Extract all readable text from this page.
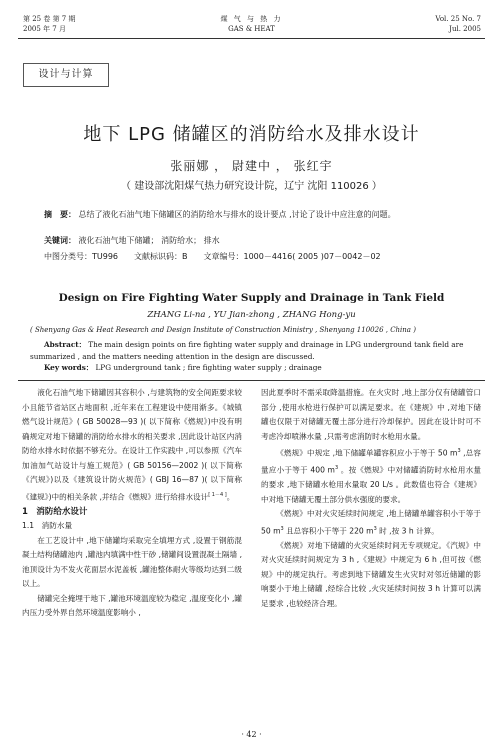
第 25 卷 第 7 期
2005 年 7 月
煤 气 与 热 力
GAS & HEAT
Vol. 25 No. 7
Jul. 2005
设计与计算
地下 LPG 储罐区的消防给水及排水设计
张丽娜 ， 尉建中 ， 张红宇
（ 建设部沈阳煤气热力研究设计院，辽宁 沈阳 110026 ）
摘　要： 总结了液化石油气地下储罐区的消防给水与排水的设计要点 ,讨论了设计中应注意的问题。
关键词： 液化石油气地下储罐； 消防给水； 排水
中图分类号：TU996　　文献标识码：B　　文章编号：1000－4416( 2005 )07－0042－02
Design on Fire Fighting Water Supply and Drainage in Tank Field
ZHANG Li-na , YU Jian-zhong , ZHANG Hong-yu
( Shenyang Gas & Heat Research and Design Institute of Construction Ministry , Shenyang 110026 , China )
Abstract： The main design points on fire fighting water supply and drainage in LPG underground tank field are summarized , and the matters needing attention in the design are discussed.
Key words： LPG underground tank ; fire fighting water supply ; drainage

液化石油气地下储罐因其容积小 ,与建筑物的安全间距要求较小且能节省站区占地面积 ,近年来在工程建设中使用渐多。《城镇燃气设计规范》( GB 50028—93 )( 以下简称《燃规》)中没有明确规定对地下储罐的消防给水排水的相关要求 ,因此设计站区内消防给水排水时依据不够充分。在设计工作实践中 ,可以参照《汽车加油加气站设计与施工规范》( GB 50156—2002 )( 以下简称《汽规》)以及《建筑设计防火规范》( GBJ 16—87 )( 以下简称《建规》)中的相关条款 ,并结合《燃规》进行给排水设计[ 1－4 ]。

1　消防给水设计

1.1　消防水量

在工艺设计中 ,地下储罐均采取完全填埋方式 ,设置于钢筋混凝土结构储罐池内 ,罐池内填满中性干砂 ,储罐间设置混凝土隔墙 ,池顶设计为不发火花面层水泥盖板 ,罐池整体耐火等级均达到二级以上。

储罐完全掩埋于地下 ,罐池环境温度较为稳定 ,温度变化小 ,罐内压力受外界自然环境温度影响小 ,

因此夏季时不需采取降温措施。在火灾时 ,地上部分仅有储罐管口部分 ,使用水枪进行保护可以满足要求。在《建规》中 ,对地下储罐也仅限于对储罐无覆土部分进行冷却保护。因此在设计时可不考虑冷却喷淋水量 ,只需考虑消防时水枪用水量。

《燃规》中规定 ,地下储罐单罐容积应小于等于 50 $m^3$ ,总容量应小于等于 400 $m^3$ 。按《燃规》中对储罐消防时水枪用水量的要求 ,地下储罐水枪用水量取 20 L/s 。此数值也符合《建规》中对地下储罐无覆土部分供水强度的要求。

《燃规》中对火灾延续时间规定 ,地上储罐单罐容积小于等于 50 $m^3$ 且总容积小于等于 220 $m^3$ 时 ,按 3 h 计算。

《燃规》对地下储罐的火灾延续时间无专项规定。《汽规》中对火灾延续时间规定为 3 h ,《建规》中规定为 6 h ,但可按《燃规》中的规定执行。考虑到地下储罐发生火灾时对邻近储罐的影响要小于地上储罐 ,经综合比较 ,火灾延续时间按 3 h 计算可以满足要求 ,也较经济合理。

· 42 ·
